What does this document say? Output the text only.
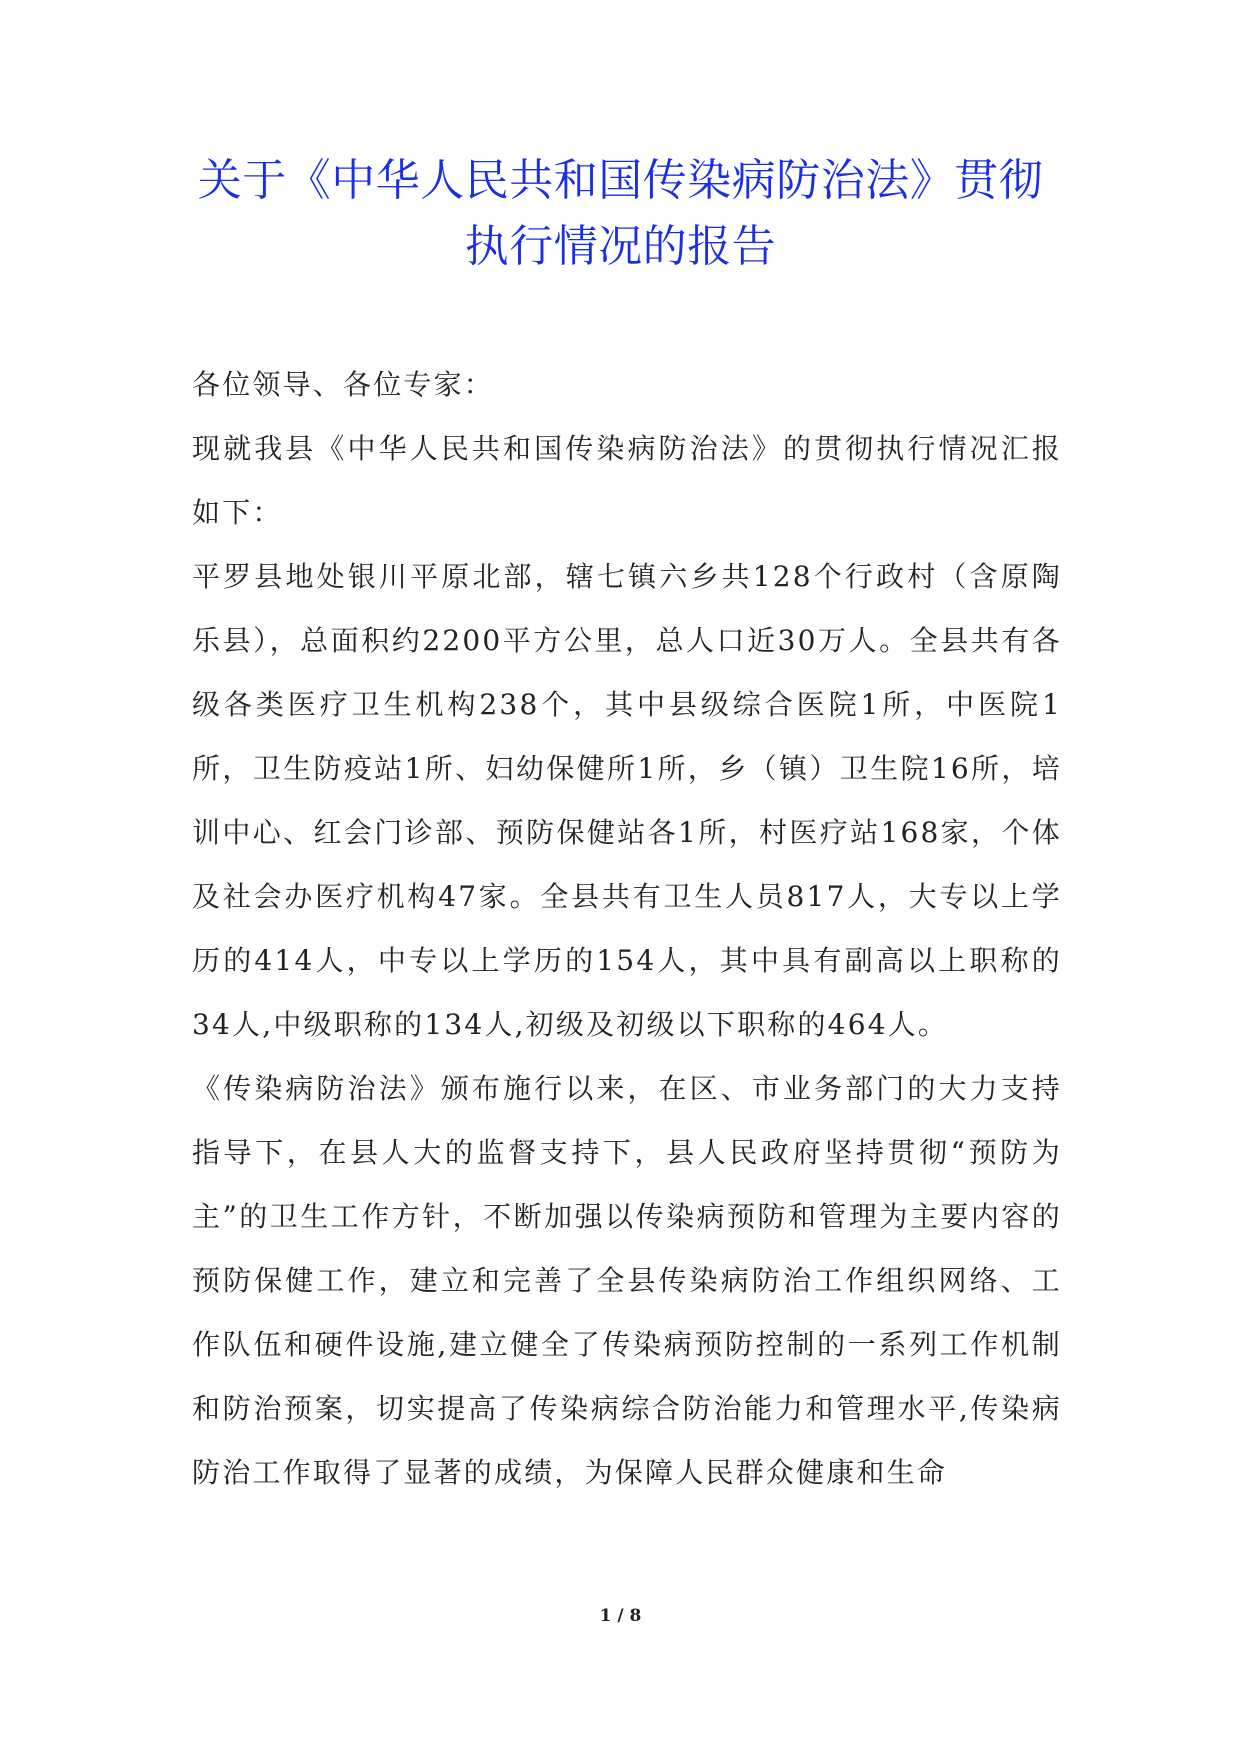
关于《中华人民共和国传染病防治法》贯彻
执行情况的报告

各位领导、各位专家：

现就我县《中华人民共和国传染病防治法》的贯彻执行情况汇报如下：

平罗县地处银川平原北部，辖七镇六乡共128个行政村（含原陶乐县），总面积约2200平方公里，总人口近30万人。全县共有各级各类医疗卫生机构238个，其中县级综合医院1所，中医院1所，卫生防疫站1所、妇幼保健所1所，乡（镇）卫生院16所，培训中心、红会门诊部、预防保健站各1所，村医疗站168家，个体及社会办医疗机构47家。全县共有卫生人员817人，大专以上学历的414人，中专以上学历的154人，其中具有副高以上职称的34人,中级职称的134人,初级及初级以下职称的464人。

《传染病防治法》颁布施行以来，在区、市业务部门的大力支持指导下，在县人大的监督支持下，县人民政府坚持贯彻“预防为主”的卫生工作方针，不断加强以传染病预防和管理为主要内容的预防保健工作，建立和完善了全县传染病防治工作组织网络、工作队伍和硬件设施,建立健全了传染病预防控制的一系列工作机制和防治预案，切实提高了传染病综合防治能力和管理水平,传染病防治工作取得了显著的成绩，为保障人民群众健康和生命

1 / 8
